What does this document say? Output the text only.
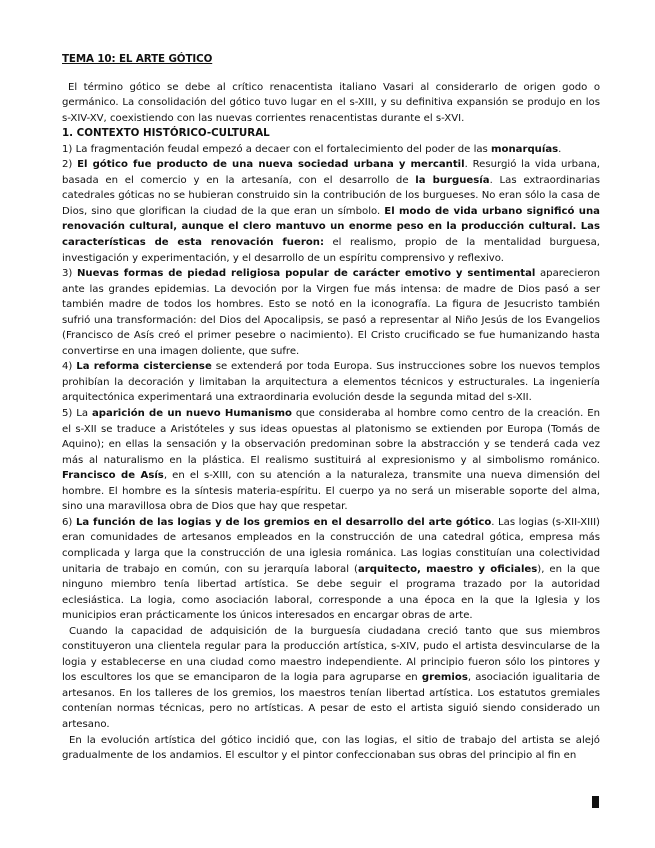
TEMA 10: EL ARTE GÓTICO

El término gótico se debe al crítico renacentista italiano Vasari al considerarlo de origen godo o germánico. La consolidación del gótico tuvo lugar en el s-XIII, y su definitiva expansión se produjo en los s-XIV-XV, coexistiendo con las nuevas corrientes renacentistas durante el s-XVI.

1. CONTEXTO HISTÓRICO-CULTURAL

1) La fragmentación feudal empezó a decaer con el fortalecimiento del poder de las monarquías.

2) El gótico fue producto de una nueva sociedad urbana y mercantil. Resurgió la vida urbana, basada en el comercio y en la artesanía, con el desarrollo de la burguesía. Las extraordinarias catedrales góticas no se hubieran construido sin la contribución de los burgueses. No eran sólo la casa de Dios, sino que glorifican la ciudad de la que eran un símbolo. El modo de vida urbano significó una renovación cultural, aunque el clero mantuvo un enorme peso en la producción cultural. Las características de esta renovación fueron: el realismo, propio de la mentalidad burguesa, investigación y experimentación, y el desarrollo de un espíritu comprensivo y reflexivo.

3) Nuevas formas de piedad religiosa popular de carácter emotivo y sentimental aparecieron ante las grandes epidemias. La devoción por la Virgen fue más intensa: de madre de Dios pasó a ser también madre de todos los hombres. Esto se notó en la iconografía. La figura de Jesucristo también sufrió una transformación: del Dios del Apocalipsis, se pasó a representar al Niño Jesús de los Evangelios (Francisco de Asís creó el primer pesebre o nacimiento). El Cristo crucificado se fue humanizando hasta convertirse en una imagen doliente, que sufre.

4) La reforma cisterciense se extenderá por toda Europa. Sus instrucciones sobre los nuevos templos prohibían la decoración y limitaban la arquitectura a elementos técnicos y estructurales. La ingeniería arquitectónica experimentará una extraordinaria evolución desde la segunda mitad del s-XII.

5) La aparición de un nuevo Humanismo que consideraba al hombre como centro de la creación. En el s-XII se traduce a Aristóteles y sus ideas opuestas al platonismo se extienden por Europa (Tomás de Aquino); en ellas la sensación y la observación predominan sobre la abstracción y se tenderá cada vez más al naturalismo en la plástica. El realismo sustituirá al expresionismo y al simbolismo románico. Francisco de Asís, en el s-XIII, con su atención a la naturaleza, transmite una nueva dimensión del hombre. El hombre es la síntesis materia-espíritu. El cuerpo ya no será un miserable soporte del alma, sino una maravillosa obra de Dios que hay que respetar.

6) La función de las logias y de los gremios en el desarrollo del arte gótico. Las logias (s-XII-XIII) eran comunidades de artesanos empleados en la construcción de una catedral gótica, empresa más complicada y larga que la construcción de una iglesia románica. Las logias constituían una colectividad unitaria de trabajo en común, con su jerarquía laboral (arquitecto, maestro y oficiales), en la que ninguno miembro tenía libertad artística. Se debe seguir el programa trazado por la autoridad eclesiástica. La logia, como asociación laboral, corresponde a una época en la que la Iglesia y los municipios eran prácticamente los únicos interesados en encargar obras de arte.

Cuando la capacidad de adquisición de la burguesía ciudadana creció tanto que sus miembros constituyeron una clientela regular para la producción artística, s-XIV, pudo el artista desvincularse de la logia y establecerse en una ciudad como maestro independiente. Al principio fueron sólo los pintores y los escultores los que se emanciparon de la logia para agruparse en gremios, asociación igualitaria de artesanos. En los talleres de los gremios, los maestros tenían libertad artística. Los estatutos gremiales contenían normas técnicas, pero no artísticas. A pesar de esto el artista siguió siendo considerado un artesano.

En la evolución artística del gótico incidió que, con las logias, el sitio de trabajo del artista se alejó gradualmente de los andamios. El escultor y el pintor confeccionaban sus obras del principio al fin en
